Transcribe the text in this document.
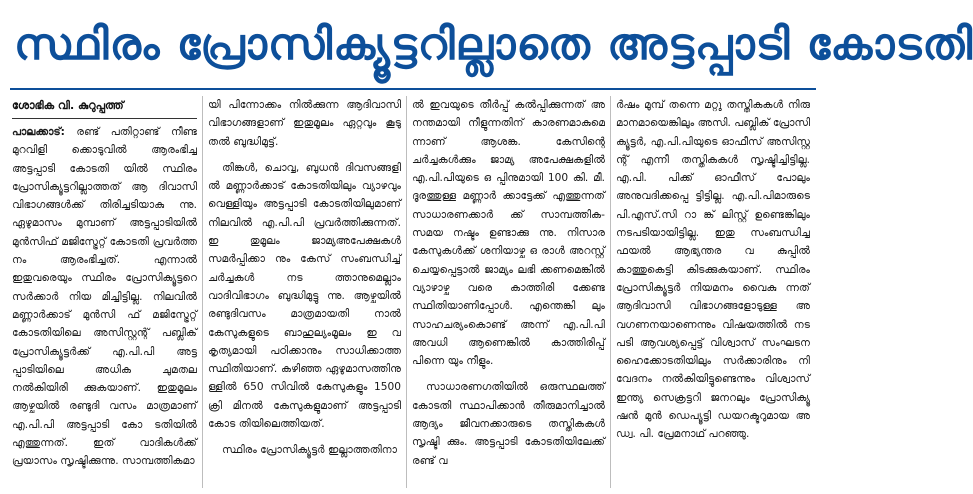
സ്ഥിരം പ്രോസിക്യൂട്ടറില്ലാതെ അട്ടപ്പാടി കോടതി
ശോഭിക വി. കുറുപ്പത്ത്

പാലക്കാട്: രണ്ട് പതിറ്റാണ്ട് നീണ്ട മുറവിളി ക്കൊടുവിൽ ആരംഭിച്ച അട്ടപ്പാടി കോടതി യിൽ സ്ഥിരം പ്രോസിക്യൂട്ടറില്ലാത്തത് ആ ദിവാസി വിഭാഗങ്ങൾക്ക് തിരിച്ചടിയാകു ന്നു. ഏഴുമാസം മുമ്പാണ് അട്ടപ്പാടിയിൽ മുൻസിഫ് മജിസ്ട്രേറ്റ് കോടതി പ്രവർത്ത നം ആരംഭിച്ചത്. എന്നാൽ ഇതുവരെയും സ്ഥിരം പ്രോസിക്യൂട്ടറെ സർക്കാർ നിയ മിച്ചിട്ടില്ല. നിലവിൽ മണ്ണാർക്കാട് മുൻസി ഫ് മജിസ്ട്രേറ്റ് കോടതിയിലെ അസിസ്റ്റന്റ് പബ്ലിക് പ്രോസിക്യൂട്ടർക്ക് എ.പി.പി അട്ട പ്പാടിയിലെ അധിക ചുമതല നൽകിയിരി ക്കുകയാണ്. ഇതുമൂലം ആഴ്ചയിൽ രണ്ടുദി വസം മാത്രമാണ് എ.പി.പി അട്ടപ്പാടി കോ ടതിയിൽ എത്തുന്നത്. ഇത് വാദികൾക്ക് പ്രയാസം സൃഷ്ടിക്കുന്നു. സാമ്പത്തികമാ

യി പിന്നോക്കം നിൽക്കുന്ന ആദിവാസി വിഭാഗങ്ങളാണ് ഇതുമൂലം ഏറ്റവും കൂടു തൽ ബുദ്ധിമുട്ട്.

തിങ്കൾ, ചൊവ്വ, ബുധൻ ദിവസങ്ങളി ൽ മണ്ണാർക്കാട് കോടതിയിലും വ്യാഴവും വെള്ളിയും അട്ടപ്പാടി കോടതിയിലുമാണ് നിലവിൽ എ.പി.പി പ്രവർത്തിക്കുന്നത്. ഇ തുമൂലം ജാമ്യഅപേക്ഷകൾ സമർപ്പിക്കാ നും കേസ് സംബന്ധിച്ച് ചർച്ചകൾ നട ത്താനുമെല്ലാം വാദിവിഭാഗം ബുദ്ധിമുട്ടു ന്നു. ആഴ്ചയിൽ രണ്ടുദിവസം മാത്രമായതി നാൽ കേസുകളുടെ ബാഹുല്യംമൂലം ഇ വ കൃത്യമായി പഠിക്കാനും സാധിക്കാത്ത സ്ഥിതിയാണ്. കഴിഞ്ഞ ഏഴുമാസത്തിനു ള്ളിൽ 650 സിവിൽ കേസുകളും 1500 ക്രി മിനൽ കേസുകളുമാണ് അട്ടപ്പാടി കോട തിയിലെത്തിയത്.

സ്ഥിരം പ്രോസിക്യൂട്ടർ ഇല്ലാത്തതിനാ

ൽ ഇവയുടെ തീർപ്പ് കൽപ്പിക്കുന്നത് അ നന്തമായി നീളുന്നതിന് കാരണമാകുമെ ന്നാണ് ആശങ്ക. കേസിന്റെ ചർച്ചകൾക്കും ജാമ്യ അപേക്ഷകളിൽ എ.പി.പിയുടെ ഒ പ്പിനുമായി 100 കി. മീ. ദൂരത്തുള്ള മണ്ണാർ ക്കാട്ടേക്ക് എത്തുന്നത് സാധാരണക്കാർ ക്ക് സാമ്പത്തിക-സമയ നഷ്ടം ഉണ്ടാക്കു ന്നു. നിസാര കേസുകൾക്ക് ശനിയാഴ്ച ഒ രാൾ അറസ്റ്റ് ചെയ്യപ്പെട്ടാൽ ജാമ്യം ലഭി ക്കണമെങ്കിൽ വ്യാഴാഴ്ച വരെ കാത്തിരി ക്കേണ്ട സ്ഥിതിയാണിപ്പോൾ. എന്തെങ്കി ലും സാഹചര്യംകൊണ്ട് അന്ന് എ.പി.പി അവധി ആണെങ്കിൽ കാത്തിരിപ്പ് പിന്നെ യും നീളും.

സാധാരണഗതിയിൽ ഒരുസ്ഥലത്ത് കോടതി സ്ഥാപിക്കാൻ തീരുമാനിച്ചാൽ ആദ്യം ജീവനക്കാരുടെ തസ്തികകൾ സൃഷ്ടി ക്കും. അട്ടപ്പാടി കോടതിയിലേക്ക് രണ്ട് വ

ർഷം മുമ്പ് തന്നെ മറ്റു തസ്തികകൾ നിരു മാനമായെങ്കിലും അസി. പബ്ലിക് പ്രോസി ക്യൂട്ടർ, എ.പി.പിയുടെ ഓഫീസ് അസിസ്റ്റ ന്റ് എന്നീ തസ്തികകൾ സൃഷ്ടിച്ചിട്ടില്ല. എ.പി. പിക്ക് ഓഫീസ് പോലും അനുവദിക്കപ്പെ ട്ടിട്ടില്ല. എ.പി.പിമാരുടെ പി.എസ്.സി റാ ങ്ക് ലിസ്റ്റ് ഉണ്ടെങ്കിലും നടപടിയായിട്ടില്ല. ഇതു സംബന്ധിച്ച ഫയൽ ആഭ്യന്തര വ കുപ്പിൽ കാത്തുകെട്ടി കിടക്കുകയാണ്. സ്ഥിരം പ്രോസിക്യൂട്ടർ നിയമനം വൈകു ന്നത് ആദിവാസി വിഭാഗങ്ങളോടുള്ള അ വഗണനയാണെന്നും വിഷയത്തിൽ നട പടി ആവശ്യപ്പെട്ട് വിശ്വാസ് സംഘടന ഹൈക്കോടതിയിലും സർക്കാരിനും നി വേദനം നൽകിയിട്ടുണ്ടെന്നും വിശ്വാസ് ഇന്ത്യ സെക്രട്ടറി ജനറലും പ്രോസിക്യൂ ഷൻ മുൻ ഡെപ്യൂട്ടി ഡയറക്ടറുമായ അ ഡ്വ. പി. പ്രേമനാഥ് പറഞ്ഞു.
